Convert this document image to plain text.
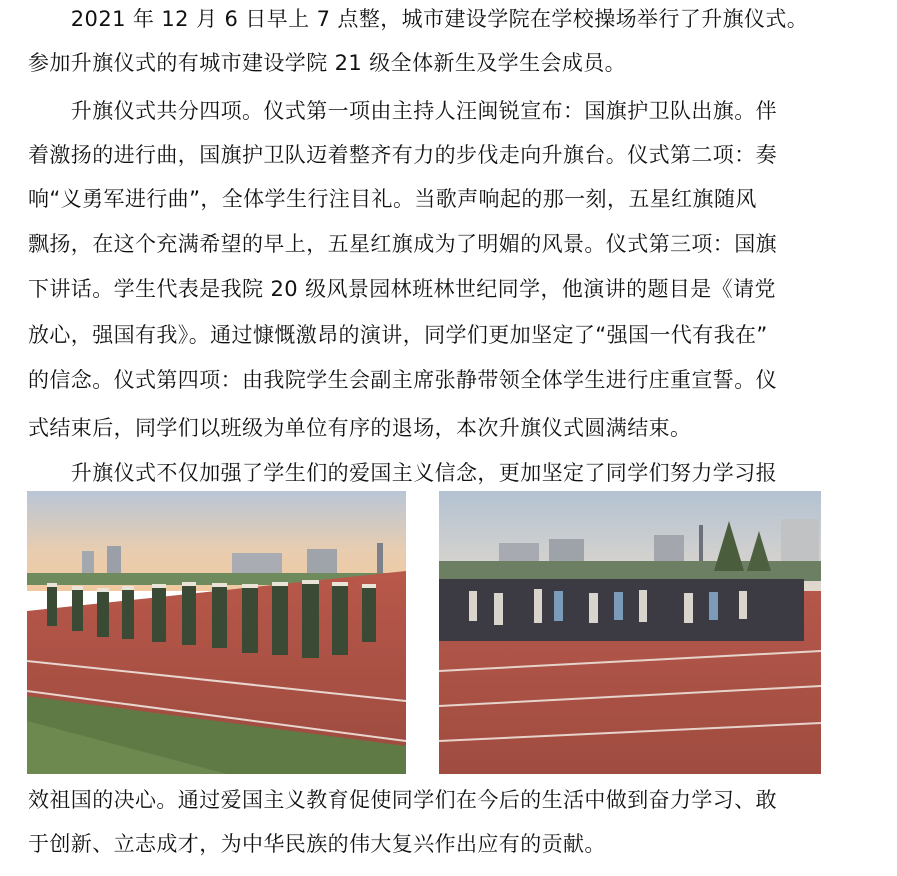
　　2021 年 12 月 6 日早上 7 点整，城市建设学院在学校操场举行了升旗仪式。
参加升旗仪式的有城市建设学院 21 级全体新生及学生会成员。
　　升旗仪式共分四项。仪式第一项由主持人汪闽锐宣布：国旗护卫队出旗。伴
着激扬的进行曲，国旗护卫队迈着整齐有力的步伐走向升旗台。仪式第二项：奏
响“义勇军进行曲”，全体学生行注目礼。当歌声响起的那一刻，五星红旗随风
飘扬，在这个充满希望的早上，五星红旗成为了明媚的风景。仪式第三项：国旗
下讲话。学生代表是我院 20 级风景园林班林世纪同学，他演讲的题目是《请党
放心，强国有我》。通过慷慨激昂的演讲，同学们更加坚定了“强国一代有我在”
的信念。仪式第四项：由我院学生会副主席张静带领全体学生进行庄重宣誓。仪
式结束后，同学们以班级为单位有序的退场，本次升旗仪式圆满结束。
　　升旗仪式不仅加强了学生们的爱国主义信念，更加坚定了同学们努力学习报
效祖国的决心。通过爱国主义教育促使同学们在今后的生活中做到奋力学习、敢
于创新、立志成才，为中华民族的伟大复兴作出应有的贡献。
